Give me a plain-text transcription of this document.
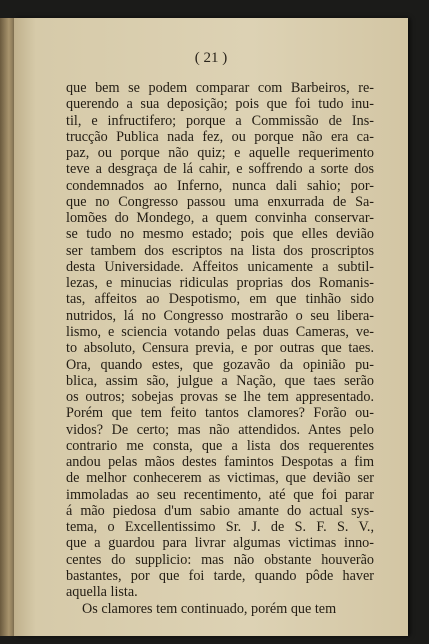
( 21 )
que bem se podem comparar com Barbeiros, re-
querendo a sua deposição; pois que foi tudo inu-
til, e infructifero; porque a Commissão de Ins-
trucção Publica nada fez, ou porque não era ca-
paz, ou porque não quiz; e aquelle requerimento
teve a desgraça de lá cahir, e soffrendo a sorte dos
condemnados ao Inferno, nunca dali sahio; por-
que no Congresso passou uma enxurrada de Sa-
lomões do Mondego, a quem convinha conservar-
se tudo no mesmo estado; pois que elles devião
ser tambem dos escriptos na lista dos proscriptos
desta Universidade. Affeitos unicamente a subtil-
lezas, e minucias ridiculas proprias dos Romanis-
tas, affeitos ao Despotismo, em que tinhão sido
nutridos, lá no Congresso mostrarão o seu libera-
lismo, e sciencia votando pelas duas Cameras, ve-
to absoluto, Censura previa, e por outras que taes.
Ora, quando estes, que gozavão da opinião pu-
blica, assim são, julgue a Nação, que taes serão
os outros; sobejas provas se lhe tem appresentado.
Porém que tem feito tantos clamores? Forão ou-
vidos? De certo; mas não attendidos. Antes pelo
contrario me consta, que a lista dos requerentes
andou pelas mãos destes famintos Despotas a fim
de melhor conhecerem as victimas, que devião ser
immoladas ao seu recentimento, até que foi parar
á mão piedosa d'um sabio amante do actual sys-
tema, o Excellentissimo Sr. J. de S. F. S. V.,
que a guardou para livrar algumas victimas inno-
centes do supplicio: mas não obstante houverão
bastantes, por que foi tarde, quando pôde haver
aquella lista.
Os clamores tem continuado, porém que tem
